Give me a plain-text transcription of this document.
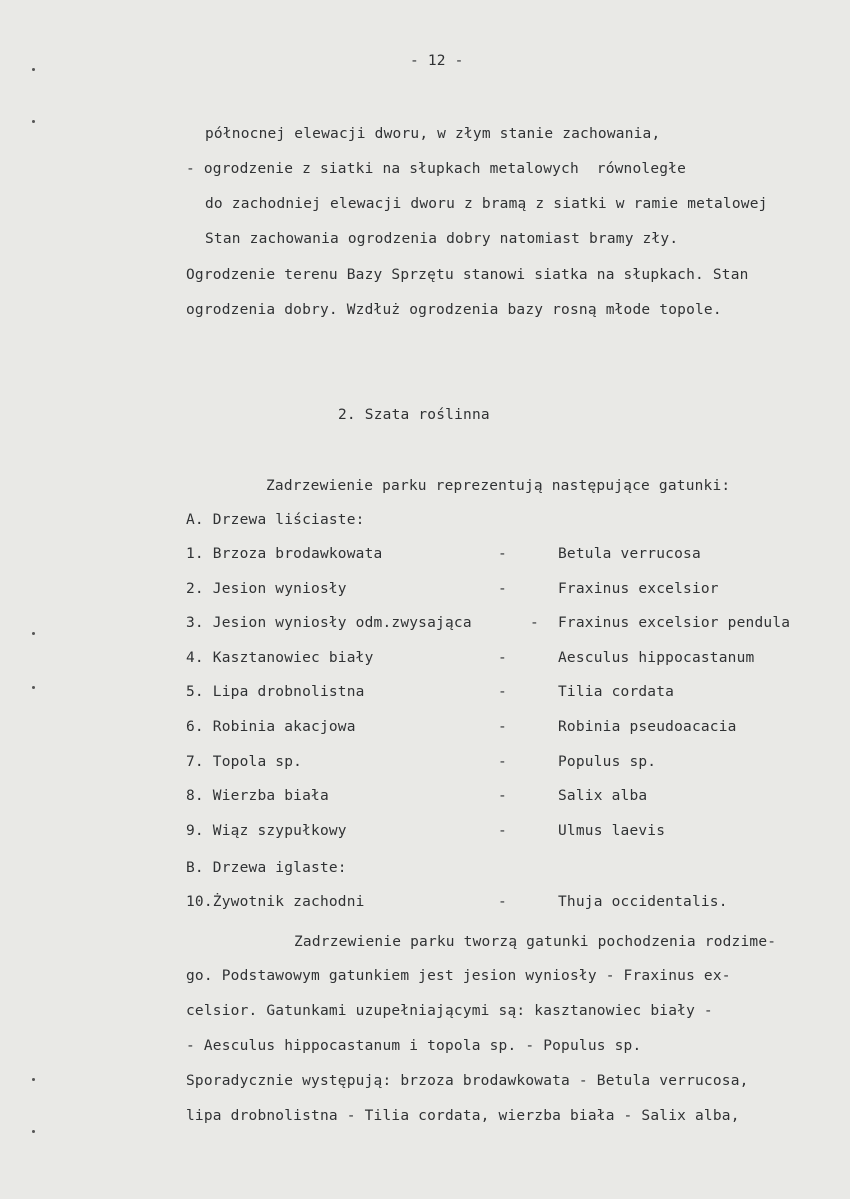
- 12 -
północnej elewacji dworu, w złym stanie zachowania,
- ogrodzenie z siatki na słupkach metalowych  równoległe
do zachodniej elewacji dworu z bramą z siatki w ramie metalowej
Stan zachowania ogrodzenia dobry natomiast bramy zły.
Ogrodzenie terenu Bazy Sprzętu stanowi siatka na słupkach. Stan
ogrodzenia dobry. Wzdłuż ogrodzenia bazy rosną młode topole.
2. Szata roślinna
Zadrzewienie parku reprezentują następujące gatunki:
A. Drzewa liściaste:
1. Brzoza brodawkowata	-	Betula verrucosa
2. Jesion wyniosły	-	Fraxinus excelsior
3. Jesion wyniosły odm.zwysająca	- Fraxinus excelsior pendula
4. Kasztanowiec biały	-	Aesculus hippocastanum
5. Lipa drobnolistna	-	Tilia cordata
6. Robinia akacjowa	-	Robinia pseudoacacia
7. Topola sp.	-	Populus sp.
8. Wierzba biała	-	Salix alba
9. Wiąz szypułkowy	-	Ulmus laevis
B. Drzewa iglaste:
10.Żywotnik zachodni	-	Thuja occidentalis.
Zadrzewienie parku tworzą gatunki pochodzenia rodzime-
go. Podstawowym gatunkiem jest jesion wyniosły - Fraxinus ex-
celsior. Gatunkami uzupełniającymi są: kasztanowiec biały -
- Aesculus hippocastanum i topola sp. - Populus sp.
Sporadycznie występują: brzoza brodawkowata - Betula verrucosa,
lipa drobnolistna - Tilia cordata, wierzba biała - Salix alba,
